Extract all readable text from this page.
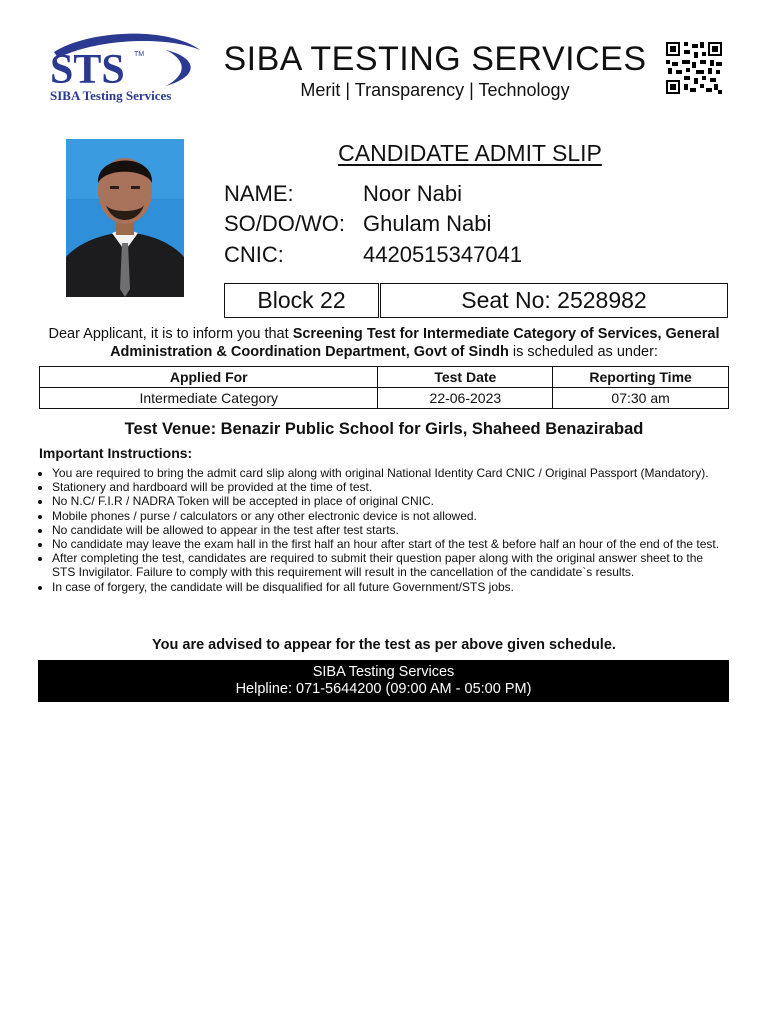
STS TM
SIBA Testing Services
SIBA TESTING SERVICES
Merit | Transparency | Technology
CANDIDATE ADMIT SLIP
NAME:	Noor Nabi
SO/DO/WO: Ghulam Nabi
CNIC:	4420515347041
Block 22	Seat No: 2528982
Dear Applicant, it is to inform you that Screening Test for Intermediate Category of Services, General Administration & Coordination Department, Govt of Sindh is scheduled as under:
Applied For	Test Date	Reporting Time
Intermediate Category	22-06-2023	07:30 am
Test Venue: Benazir Public School for Girls, Shaheed Benazirabad
Important Instructions:
• You are required to bring the admit card slip along with original National Identity Card CNIC / Original Passport (Mandatory).
• Stationery and hardboard will be provided at the time of test.
• No N.C/ F.I.R / NADRA Token will be accepted in place of original CNIC.
• Mobile phones / purse / calculators or any other electronic device is not allowed.
• No candidate will be allowed to appear in the test after test starts.
• No candidate may leave the exam hall in the first half an hour after start of the test & before half an hour of the end of the test.
• After completing the test, candidates are required to submit their question paper along with the original answer sheet to the STS Invigilator. Failure to comply with this requirement will result in the cancellation of the candidate`s results.
• In case of forgery, the candidate will be disqualified for all future Government/STS jobs.
You are advised to appear for the test as per above given schedule.
SIBA Testing Services
Helpline: 071-5644200 (09:00 AM - 05:00 PM)
